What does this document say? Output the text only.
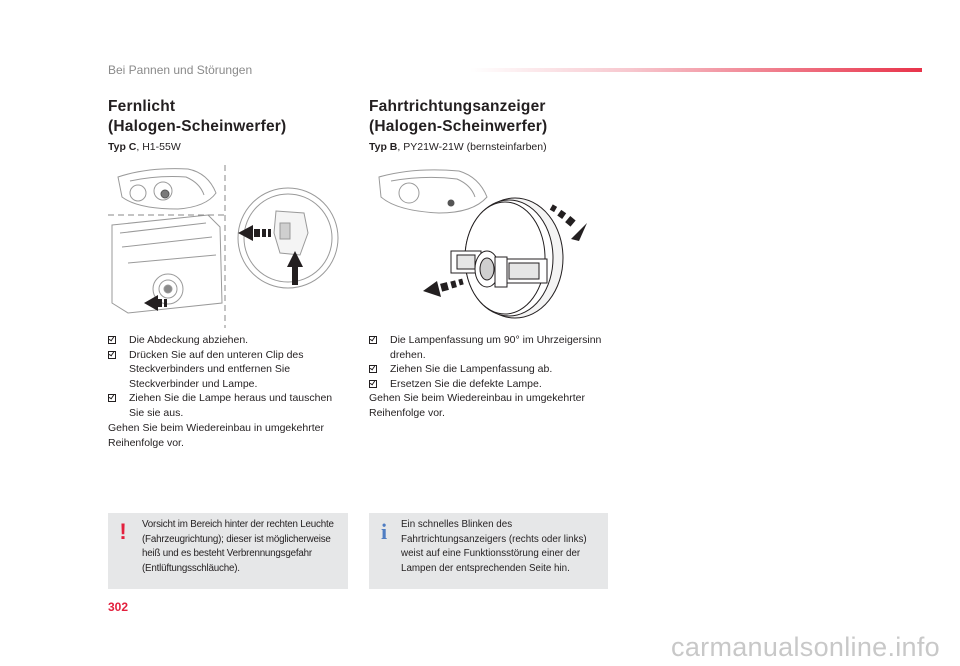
Bei Pannen und Störungen
Fernlicht
(Halogen-Scheinwerfer)
Typ C, H1-55W
Die Abdeckung abziehen.
Drücken Sie auf den unteren Clip des Steckverbinders und entfernen Sie Steckverbinder und Lampe.
Ziehen Sie die Lampe heraus und tauschen Sie sie aus.
Gehen Sie beim Wiedereinbau in umgekehrter Reihenfolge vor.
! Vorsicht im Bereich hinter der rechten Leuchte (Fahrzeugrichtung); dieser ist möglicherweise heiß und es besteht Verbrennungsgefahr (Entlüftungsschläuche).
Fahrtrichtungsanzeiger
(Halogen-Scheinwerfer)
Typ B, PY21W-21W (bernsteinfarben)
Die Lampenfassung um 90° im Uhrzeigersinn drehen.
Ziehen Sie die Lampenfassung ab.
Ersetzen Sie die defekte Lampe.
Gehen Sie beim Wiedereinbau in umgekehrter Reihenfolge vor.
i Ein schnelles Blinken des Fahrtrichtungsanzeigers (rechts oder links) weist auf eine Funktionsstörung einer der Lampen der entsprechenden Seite hin.
302
carmanualsonline.info
